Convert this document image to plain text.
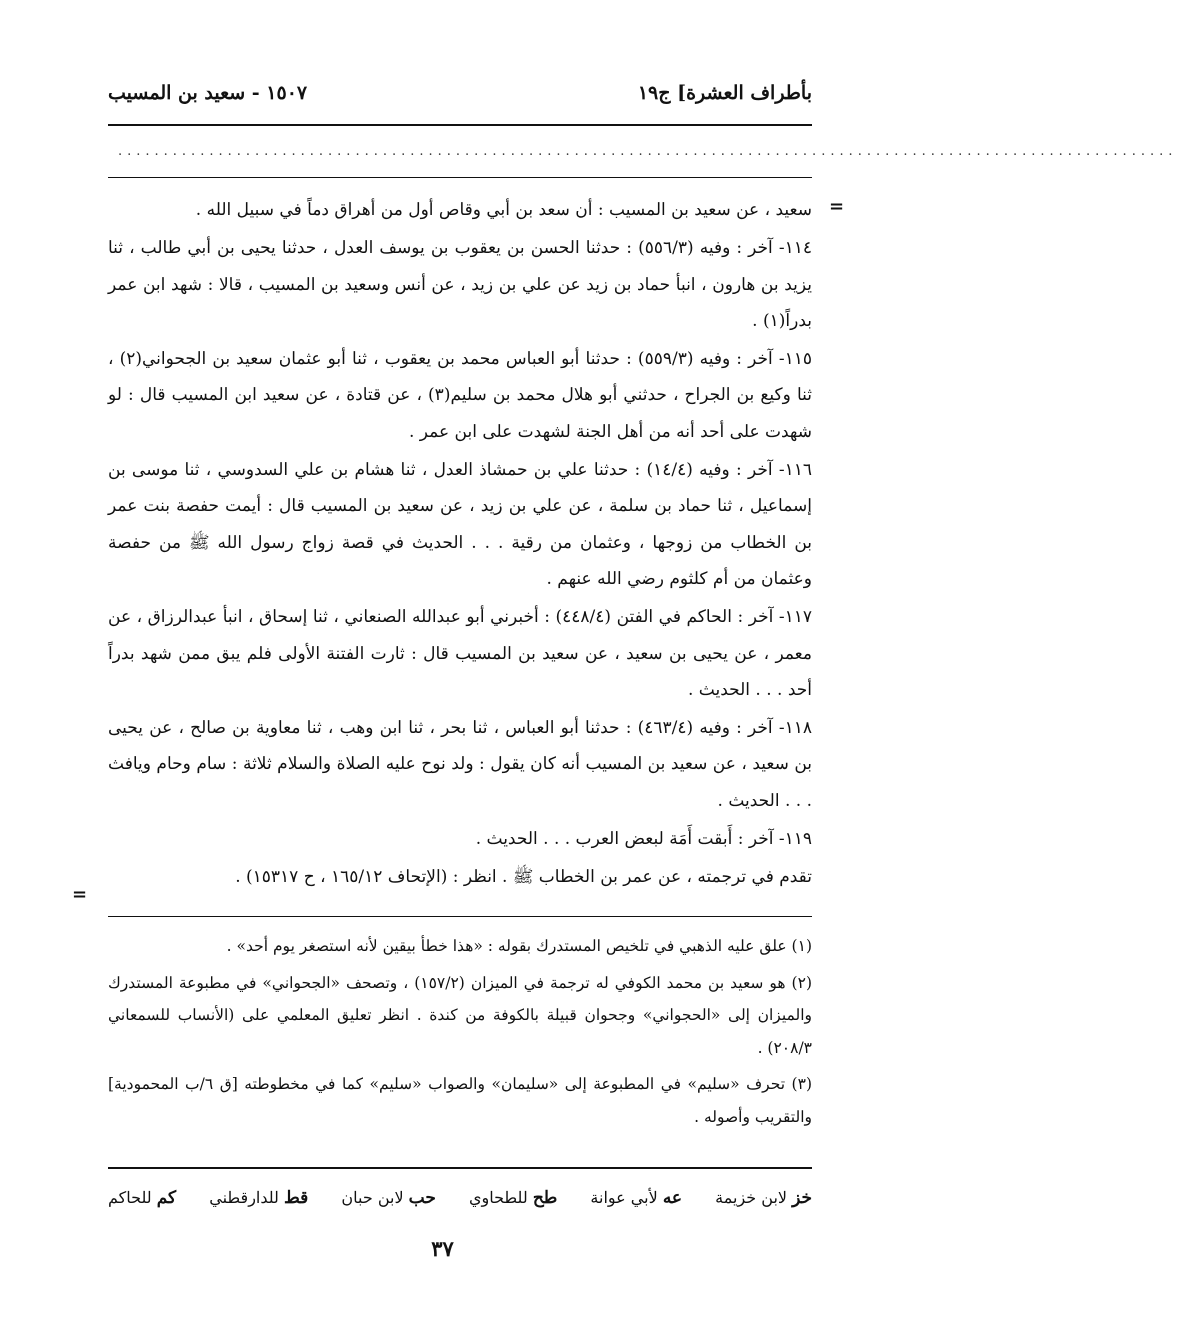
بأطراف العشرة] ج١٩
١٥٠٧ - سعيد بن المسيب
....................................................................................................................
=

سعيد ، عن سعيد بن المسيب : أن سعد بن أبي وقاص أول من أهراق دماً في سبيل الله .

١١٤- آخر : وفيه (٥٥٦/٣) : حدثنا الحسن بن يعقوب بن يوسف العدل ، حدثنا يحيى بن أبي طالب ، ثنا يزيد بن هارون ، انبأ حماد بن زيد عن علي بن زيد ، عن أنس وسعيد بن المسيب ، قالا : شهد ابن عمر بدراً(١) .

١١٥- آخر : وفيه (٥٥٩/٣) : حدثنا أبو العباس محمد بن يعقوب ، ثنا أبو عثمان سعيد بن الجحواني(٢) ، ثنا وكيع بن الجراح ، حدثني أبو هلال محمد بن سليم(٣) ، عن قتادة ، عن سعيد ابن المسيب قال : لو شهدت على أحد أنه من أهل الجنة لشهدت على ابن عمر .

١١٦- آخر : وفيه (١٤/٤) : حدثنا علي بن حمشاذ العدل ، ثنا هشام بن علي السدوسي ، ثنا موسى بن إسماعيل ، ثنا حماد بن سلمة ، عن علي بن زيد ، عن سعيد بن المسيب قال : أيمت حفصة بنت عمر بن الخطاب من زوجها ، وعثمان من رقية . . . الحديث في قصة زواج رسول الله ﷺ من حفصة وعثمان من أم كلثوم رضي الله عنهم .

١١٧- آخر : الحاكم في الفتن (٤٤٨/٤) : أخبرني أبو عبدالله الصنعاني ، ثنا إسحاق ، انبأ عبدالرزاق ، عن معمر ، عن يحيى بن سعيد ، عن سعيد بن المسيب قال : ثارت الفتنة الأولى فلم يبق ممن شهد بدراً أحد . . . الحديث .

١١٨- آخر : وفيه (٤٦٣/٤) : حدثنا أبو العباس ، ثنا بحر ، ثنا ابن وهب ، ثنا معاوية بن صالح ، عن يحيى بن سعيد ، عن سعيد بن المسيب أنه كان يقول : ولد نوح عليه الصلاة والسلام ثلاثة : سام وحام ويافث . . . الحديث .

١١٩- آخر : أَبقت أَمَة لبعض العرب . . . الحديث .

تقدم في ترجمته ، عن عمر بن الخطاب ﷺ . انظر : (الإتحاف ١٦٥/١٢ ، ح ١٥٣١٧) .

=

(١) علق عليه الذهبي في تلخيص المستدرك بقوله : «هذا خطأ بيقين لأنه استصغر يوم أحد» .

(٢) هو سعيد بن محمد الكوفي له ترجمة في الميزان (١٥٧/٢) ، وتصحف «الجحواني» في مطبوعة المستدرك والميزان إلى «الحجواني» وجحوان قبيلة بالكوفة من كندة . انظر تعليق المعلمي على (الأنساب للسمعاني ٢٠٨/٣) .

(٣) تحرف «سليم» في المطبوعة إلى «سليمان» والصواب «سليم» كما في مخطوطته [ق ٦/ب المحمودية] والتقريب وأصوله .

خز لابن خزيمة
عه لأبي عوانة
طح للطحاوي
حب لابن حبان
قط للدارقطني
كم للحاكم
٣٧
